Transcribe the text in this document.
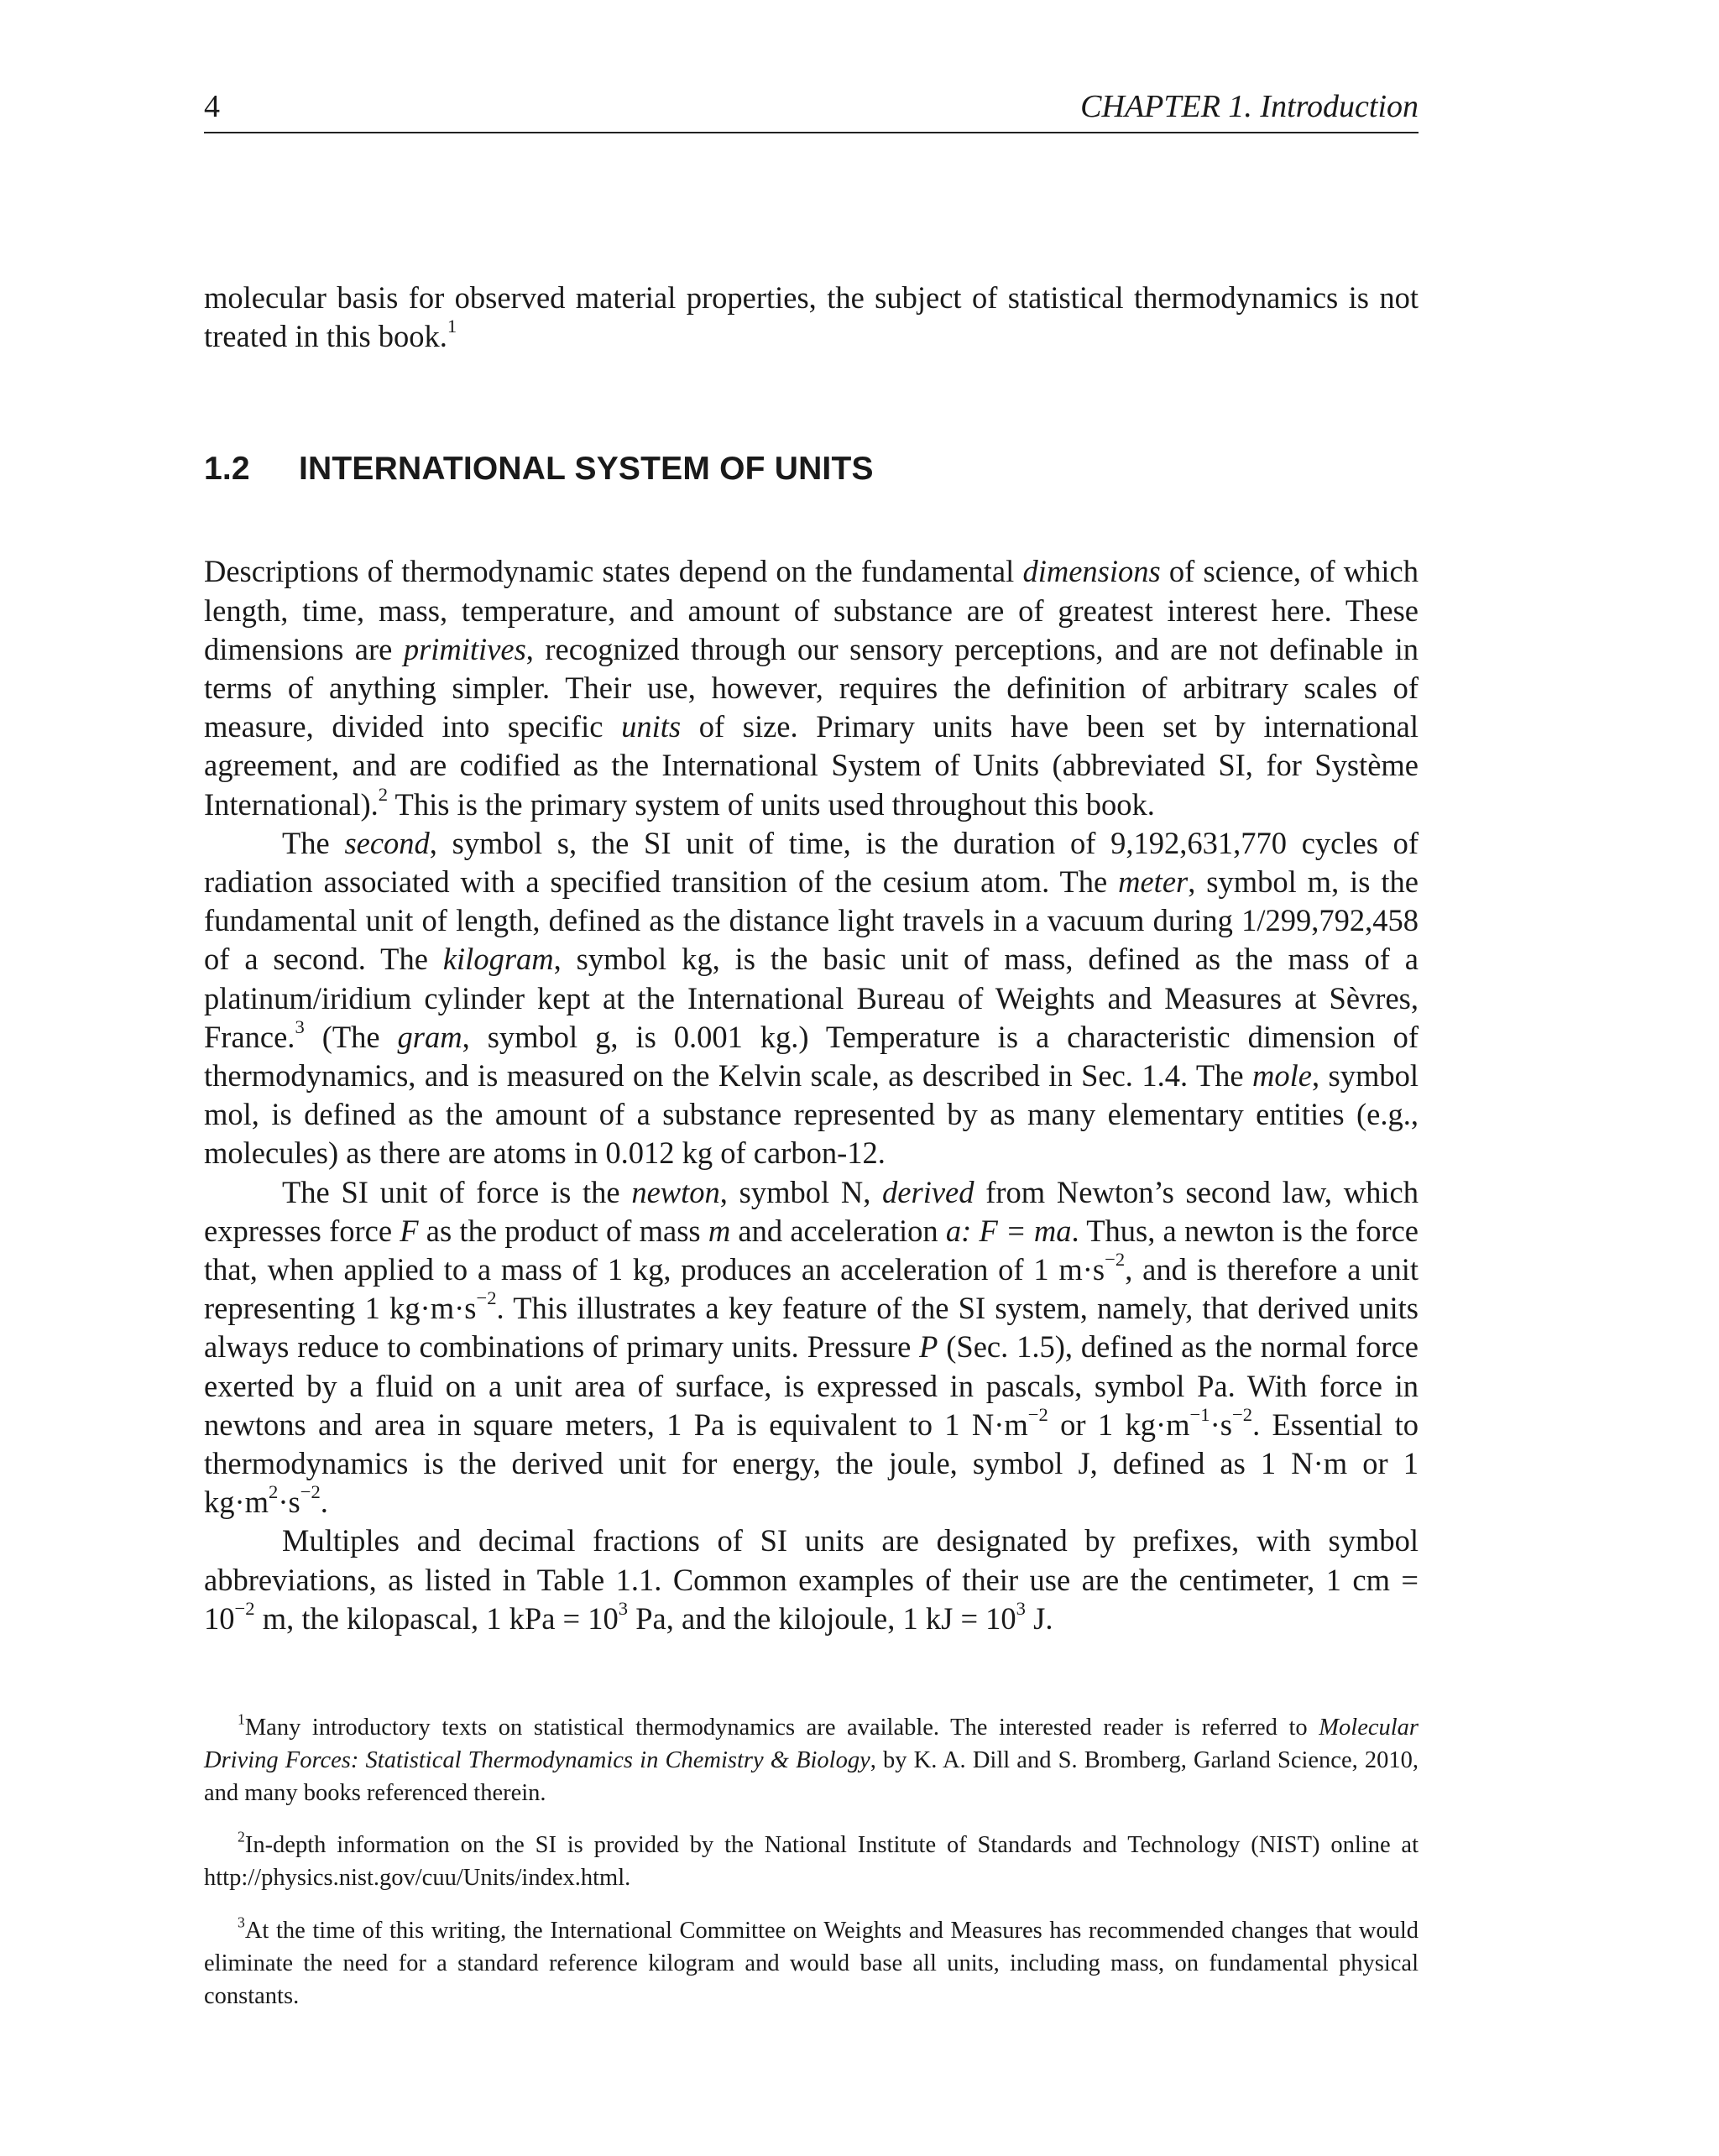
4	CHAPTER 1. Introduction

molecular basis for observed material properties, the subject of statistical thermodynamics is not treated in this book.$^1$

1.2 INTERNATIONAL SYSTEM OF UNITS

Descriptions of thermodynamic states depend on the fundamental dimensions of science, of which length, time, mass, temperature, and amount of substance are of greatest interest here. These dimensions are primitives, recognized through our sensory perceptions, and are not definable in terms of anything simpler. Their use, however, requires the definition of arbitrary scales of measure, divided into specific units of size. Primary units have been set by international agreement, and are codified as the International System of Units (abbreviated SI, for Système International).$^2$ This is the primary system of units used throughout this book.

The second, symbol s, the SI unit of time, is the duration of 9,192,631,770 cycles of radiation associated with a specified transition of the cesium atom. The meter, symbol m, is the fundamental unit of length, defined as the distance light travels in a vacuum during 1/299,792,458 of a second. The kilogram, symbol kg, is the basic unit of mass, defined as the mass of a platinum/iridium cylinder kept at the International Bureau of Weights and Measures at Sèvres, France.$^3$ (The gram, symbol g, is 0.001 kg.) Temperature is a characteristic dimension of thermodynamics, and is measured on the Kelvin scale, as described in Sec. 1.4. The mole, symbol mol, is defined as the amount of a substance represented by as many elementary entities (e.g., molecules) as there are atoms in 0.012 kg of carbon-12.

The SI unit of force is the newton, symbol N, derived from Newton’s second law, which expresses force F as the product of mass m and acceleration a: F = ma. Thus, a newton is the force that, when applied to a mass of 1 kg, produces an acceleration of 1 $m\cdot s^{-2}$, and is therefore a unit representing 1 $kg\cdot m\cdot s^{-2}$. This illustrates a key feature of the SI system, namely, that derived units always reduce to combinations of primary units. Pressure P (Sec. 1.5), defined as the normal force exerted by a fluid on a unit area of surface, is expressed in pascals, symbol Pa. With force in newtons and area in square meters, 1 Pa is equivalent to 1 $N\cdot m^{-2}$ or 1 $kg\cdot m^{-1}\cdot s^{-2}$. Essential to thermodynamics is the derived unit for energy, the joule, symbol J, defined as 1 N·m or 1 $kg\cdot m^2\cdot s^{-2}$.

Multiples and decimal fractions of SI units are designated by prefixes, with symbol abbreviations, as listed in Table 1.1. Common examples of their use are the centimeter, 1 cm = $10^{-2}$ m, the kilopascal, 1 kPa = $10^3$ Pa, and the kilojoule, 1 kJ = $10^3$ J.

$^1$Many introductory texts on statistical thermodynamics are available. The interested reader is referred to Molecular Driving Forces: Statistical Thermodynamics in Chemistry & Biology, by K. A. Dill and S. Bromberg, Garland Science, 2010, and many books referenced therein.

$^2$In-depth information on the SI is provided by the National Institute of Standards and Technology (NIST) online at http://physics.nist.gov/cuu/Units/index.html.

$^3$At the time of this writing, the International Committee on Weights and Measures has recommended changes that would eliminate the need for a standard reference kilogram and would base all units, including mass, on fundamental physical constants.
